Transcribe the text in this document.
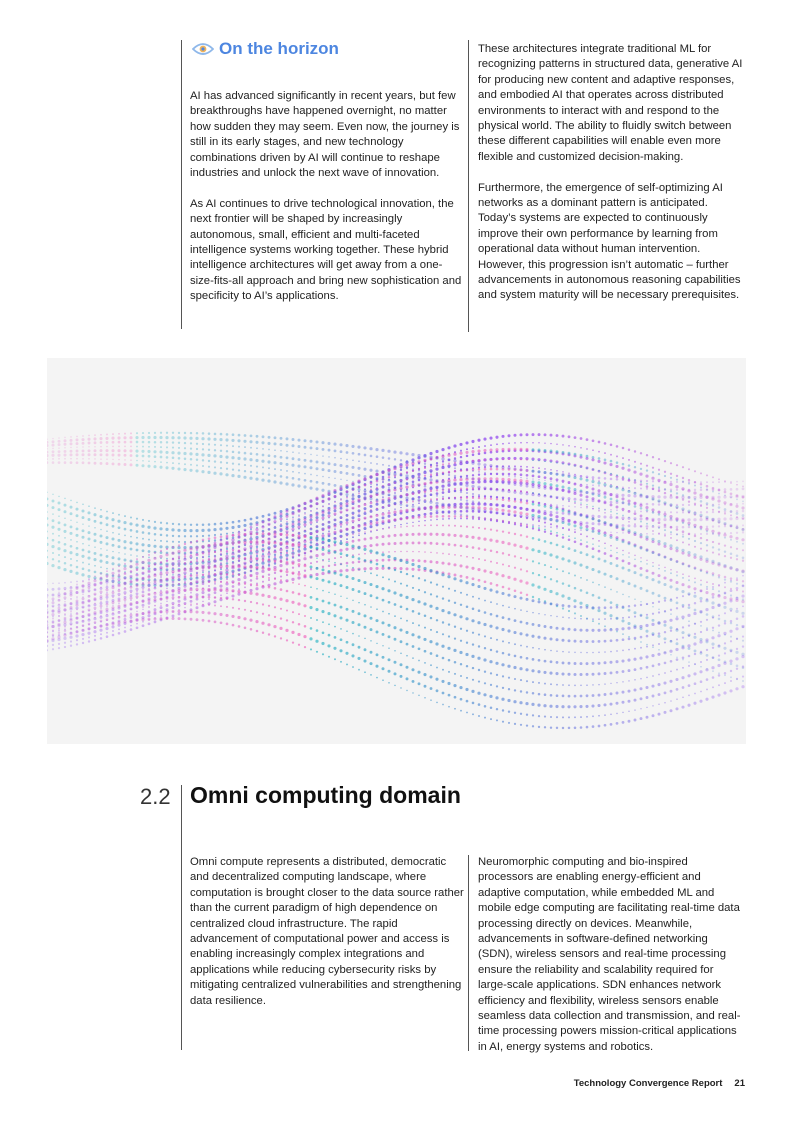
On the horizon

AI has advanced significantly in recent years, but few breakthroughs have happened overnight, no matter how sudden they may seem. Even now, the journey is still in its early stages, and new technology combinations driven by AI will continue to reshape industries and unlock the next wave of innovation.

As AI continues to drive technological innovation, the next frontier will be shaped by increasingly autonomous, small, efficient and multi-faceted intelligence systems working together. These hybrid intelligence architectures will get away from a one-size-fits-all approach and bring new sophistication and specificity to AI’s applications.

These architectures integrate traditional ML for recognizing patterns in structured data, generative AI for producing new content and adaptive responses, and embodied AI that operates across distributed environments to interact with and respond to the physical world. The ability to fluidly switch between these different capabilities will enable even more flexible and customized decision-making.

Furthermore, the emergence of self-optimizing AI networks as a dominant pattern is anticipated. Today’s systems are expected to continuously improve their own performance by learning from operational data without human intervention. However, this progression isn’t automatic – further advancements in autonomous reasoning capabilities and system maturity will be necessary prerequisites.

2.2 Omni computing domain

Omni compute represents a distributed, democratic and decentralized computing landscape, where computation is brought closer to the data source rather than the current paradigm of high dependence on centralized cloud infrastructure. The rapid advancement of computational power and access is enabling increasingly complex integrations and applications while reducing cybersecurity risks by mitigating centralized vulnerabilities and strengthening data resilience.

Neuromorphic computing and bio-inspired processors are enabling energy-efficient and adaptive computation, while embedded ML and mobile edge computing are facilitating real-time data processing directly on devices. Meanwhile, advancements in software-defined networking (SDN), wireless sensors and real-time processing ensure the reliability and scalability required for large-scale applications. SDN enhances network efficiency and flexibility, wireless sensors enable seamless data collection and transmission, and real-time processing powers mission-critical applications in AI, energy systems and robotics.

Technology Convergence Report 21
